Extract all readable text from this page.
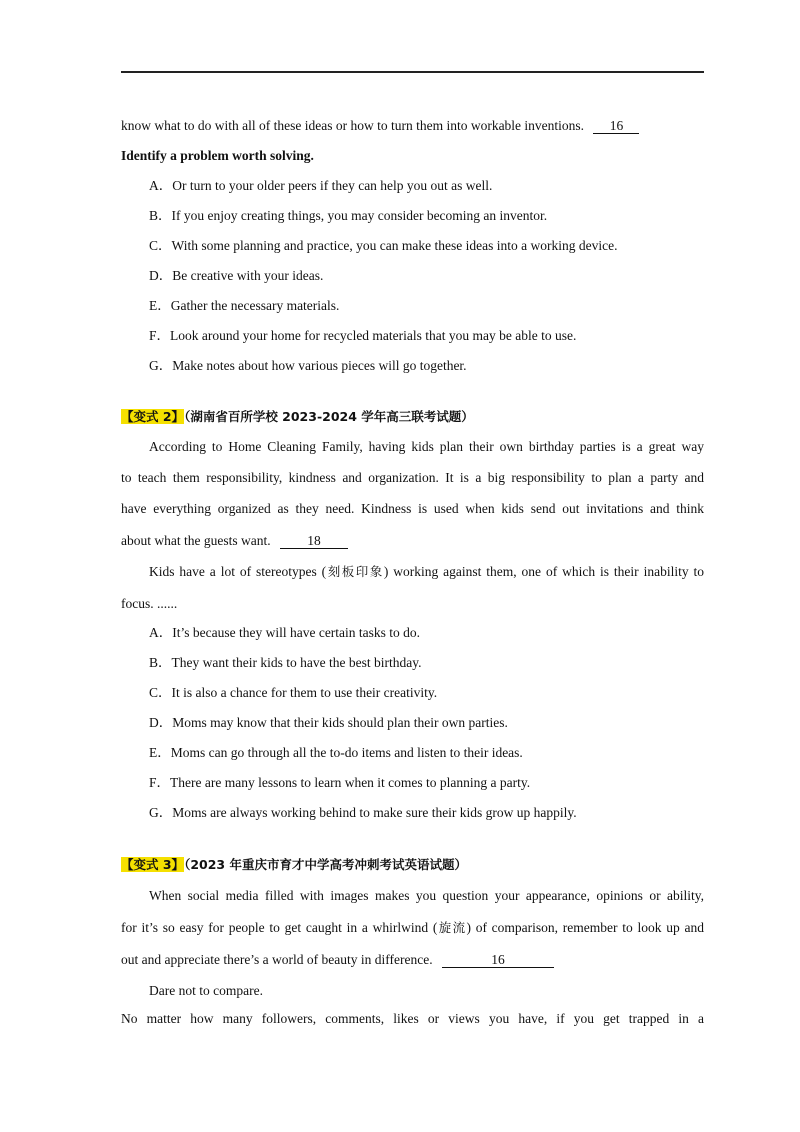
know what to do with all of these ideas or how to turn them into workable inventions. 16
Identify a problem worth solving.
A．Or turn to your older peers if they can help you out as well.
B．If you enjoy creating things, you may consider becoming an inventor.
C．With some planning and practice, you can make these ideas into a working device.
D．Be creative with your ideas.
E．Gather the necessary materials.
F．Look around your home for recycled materials that you may be able to use.
G．Make notes about how various pieces will go together.
【变式 2】（湖南省百所学校 2023-2024 学年高三联考试题）
According to Home Cleaning Family, having kids plan their own birthday parties is a great way
to teach them responsibility, kindness and organization. It is a big responsibility to plan a party and
have everything organized as they need. Kindness is used when kids send out invitations and think
about what the guests want.	18
Kids have a lot of stereotypes (刻板印象) working against them, one of which is their inability to
focus. ......
A．It’s because they will have certain tasks to do.
B．They want their kids to have the best birthday.
C．It is also a chance for them to use their creativity.
D．Moms may know that their kids should plan their own parties.
E．Moms can go through all the to-do items and listen to their ideas.
F．There are many lessons to learn when it comes to planning a party.
G．Moms are always working behind to make sure their kids grow up happily.
【变式 3】（2023 年重庆市育才中学高考冲刺考试英语试题）
When social media filled with images makes you question your appearance, opinions or ability,
for it’s so easy for people to get caught in a whirlwind (旋流) of comparison, remember to look up and
out and appreciate there’s a world of beauty in difference.	16
Dare not to compare.
No matter how many followers, comments, likes or views you have, if you get trapped in a
